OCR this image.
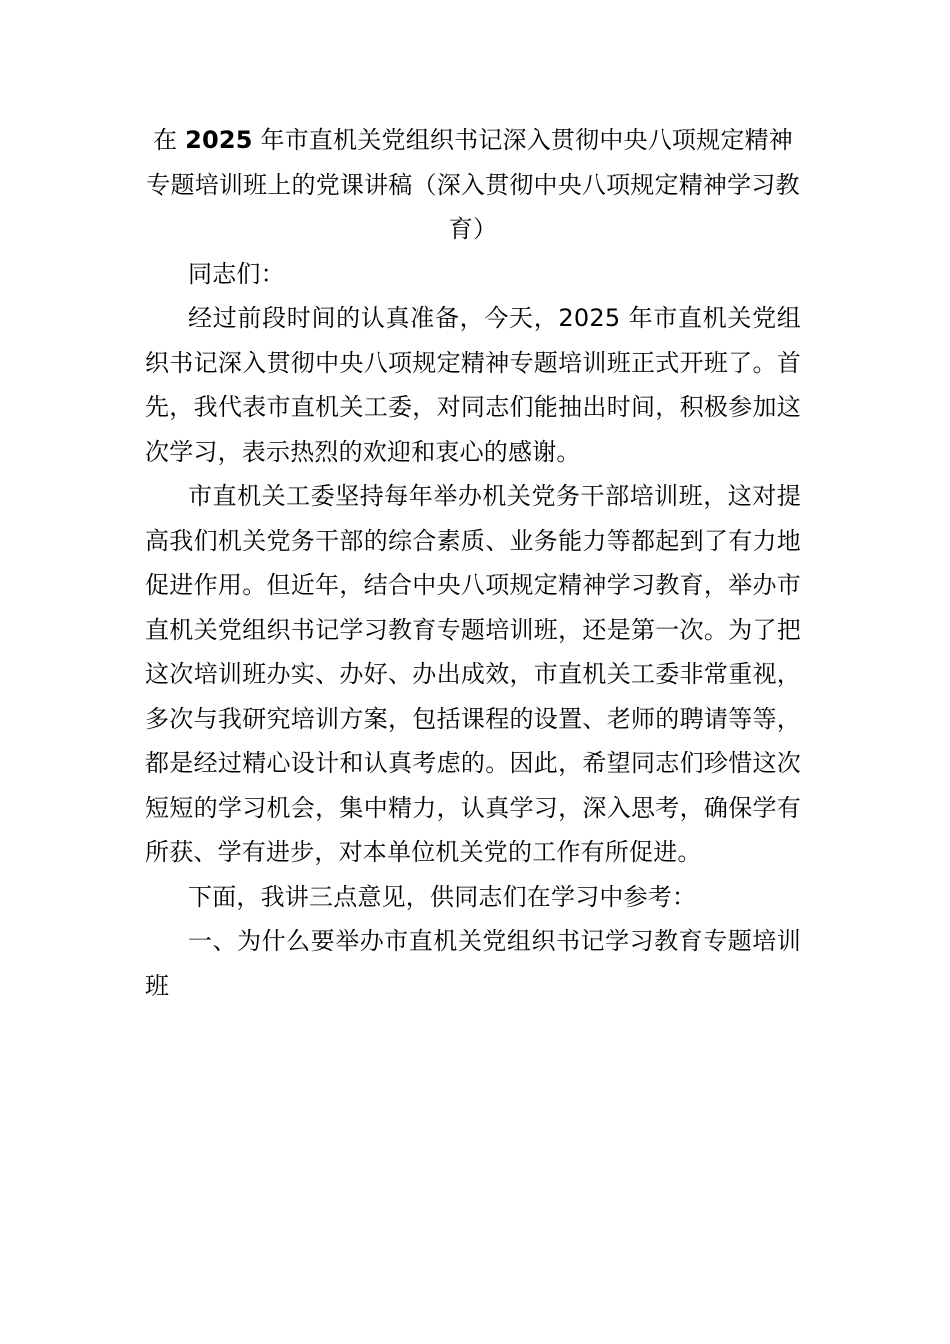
在 2025 年市直机关党组织书记深入贯彻中央八项规定精神专题培训班上的党课讲稿（深入贯彻中央八项规定精神学习教育）

同志们：

经过前段时间的认真准备，今天，2025 年市直机关党组织书记深入贯彻中央八项规定精神专题培训班正式开班了。首先，我代表市直机关工委，对同志们能抽出时间，积极参加这次学习，表示热烈的欢迎和衷心的感谢。

市直机关工委坚持每年举办机关党务干部培训班，这对提高我们机关党务干部的综合素质、业务能力等都起到了有力地促进作用。但近年，结合中央八项规定精神学习教育，举办市直机关党组织书记学习教育专题培训班，还是第一次。为了把这次培训班办实、办好、办出成效，市直机关工委非常重视，多次与我研究培训方案，包括课程的设置、老师的聘请等等，都是经过精心设计和认真考虑的。因此，希望同志们珍惜这次短短的学习机会，集中精力，认真学习，深入思考，确保学有所获、学有进步，对本单位机关党的工作有所促进。

下面，我讲三点意见，供同志们在学习中参考：

一、为什么要举办市直机关党组织书记学习教育专题培训班
